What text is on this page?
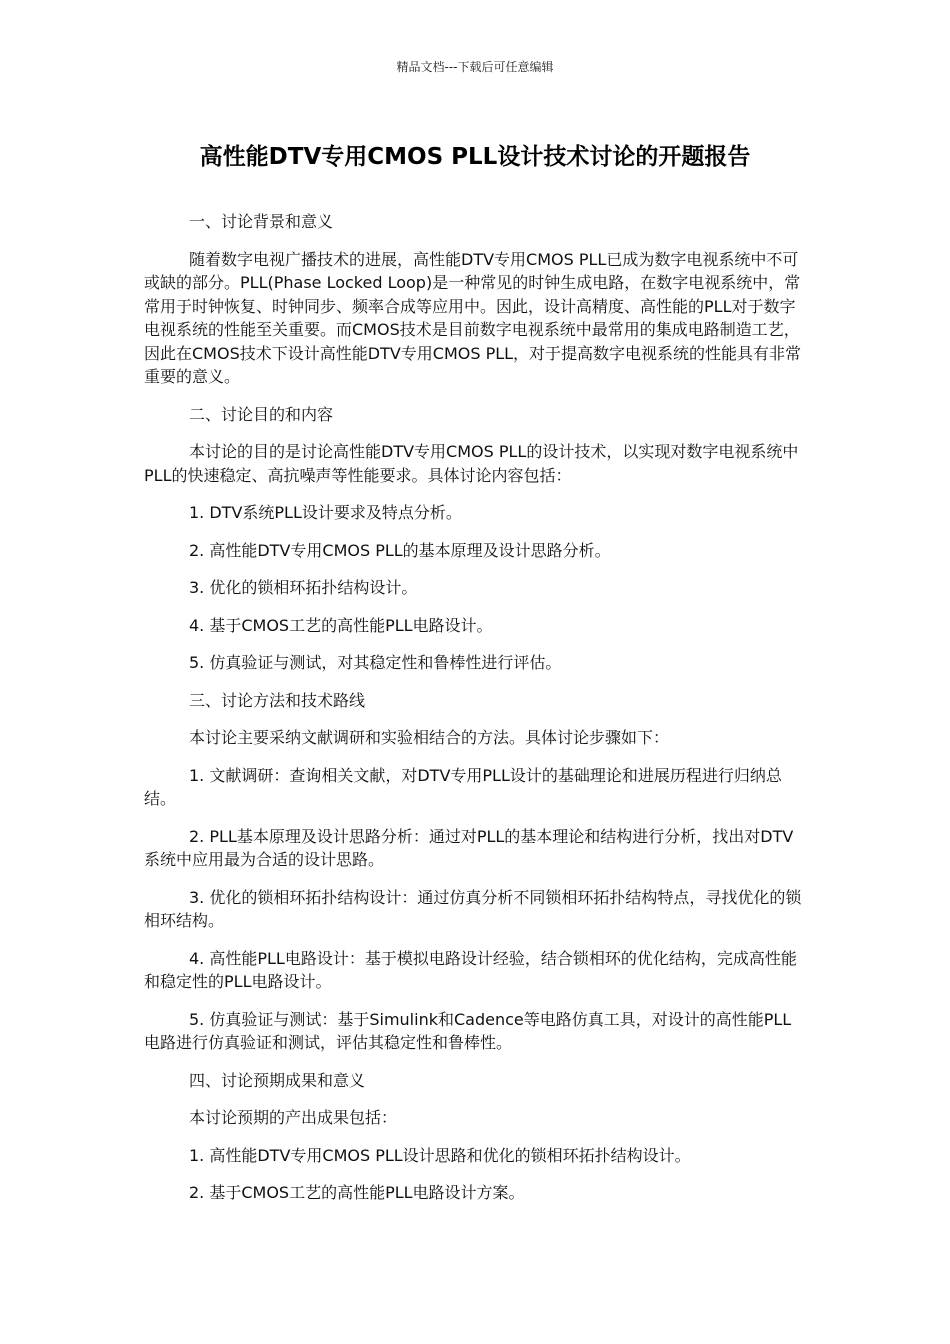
精品文档---下载后可任意编辑
高性能DTV专用CMOS PLL设计技术讨论的开题报告

一、讨论背景和意义

随着数字电视广播技术的进展，高性能DTV专用CMOS PLL已成为数字电视系统中不可或缺的部分。PLL(Phase Locked Loop)是一种常见的时钟生成电路，在数字电视系统中，常常用于时钟恢复、时钟同步、频率合成等应用中。因此，设计高精度、高性能的PLL对于数字电视系统的性能至关重要。而CMOS技术是目前数字电视系统中最常用的集成电路制造工艺，因此在CMOS技术下设计高性能DTV专用CMOS PLL，对于提高数字电视系统的性能具有非常重要的意义。

二、讨论目的和内容

本讨论的目的是讨论高性能DTV专用CMOS PLL的设计技术，以实现对数字电视系统中PLL的快速稳定、高抗噪声等性能要求。具体讨论内容包括：

1. DTV系统PLL设计要求及特点分析。

2. 高性能DTV专用CMOS PLL的基本原理及设计思路分析。

3. 优化的锁相环拓扑结构设计。

4. 基于CMOS工艺的高性能PLL电路设计。

5. 仿真验证与测试，对其稳定性和鲁棒性进行评估。

三、讨论方法和技术路线

本讨论主要采纳文献调研和实验相结合的方法。具体讨论步骤如下：

1. 文献调研：查询相关文献，对DTV专用PLL设计的基础理论和进展历程进行归纳总结。

2. PLL基本原理及设计思路分析：通过对PLL的基本理论和结构进行分析，找出对DTV系统中应用最为合适的设计思路。

3. 优化的锁相环拓扑结构设计：通过仿真分析不同锁相环拓扑结构特点，寻找优化的锁相环结构。

4. 高性能PLL电路设计：基于模拟电路设计经验，结合锁相环的优化结构，完成高性能和稳定性的PLL电路设计。

5. 仿真验证与测试：基于Simulink和Cadence等电路仿真工具，对设计的高性能PLL电路进行仿真验证和测试，评估其稳定性和鲁棒性。

四、讨论预期成果和意义

本讨论预期的产出成果包括：

1. 高性能DTV专用CMOS PLL设计思路和优化的锁相环拓扑结构设计。

2. 基于CMOS工艺的高性能PLL电路设计方案。
